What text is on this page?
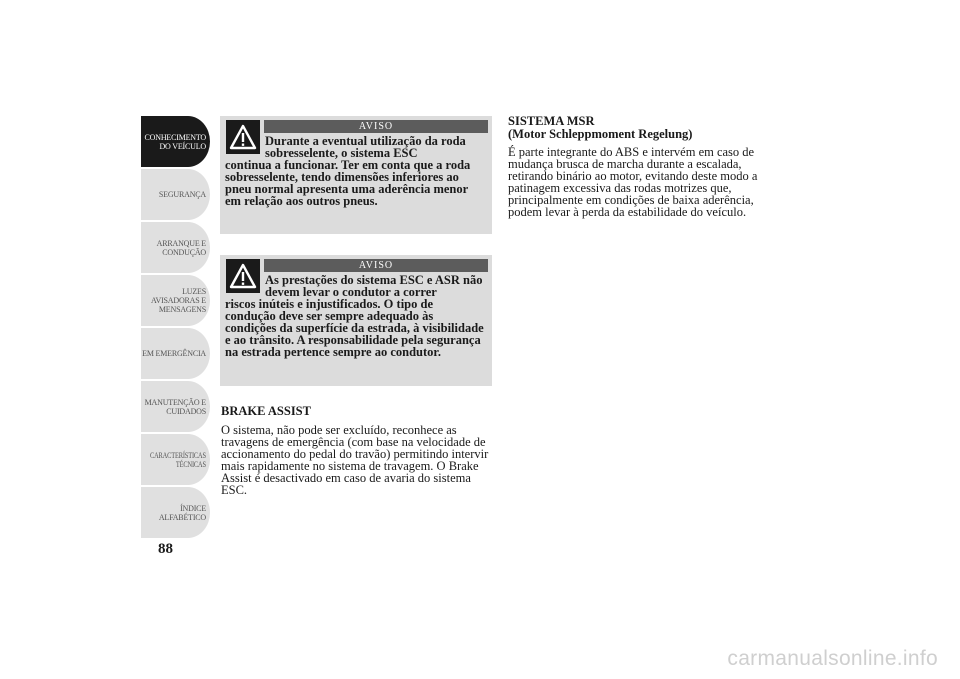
CONHECIMENTO
DO VEÍCULO
SEGURANÇA
ARRANQUE E
CONDUÇÃO
LUZES
AVISADORAS E
MENSAGENS
EM EMERGÊNCIA
MANUTENÇÃO E
CUIDADOS
CARACTERÍSTICAS
TÉCNICAS
ÍNDICE
ALFABÉTICO
88
AVISO
Durante a eventual utilização da roda sobresselente, o sistema ESC
continua a funcionar. Ter em conta que a roda sobresselente, tendo dimensões inferiores ao pneu normal apresenta uma aderência menor em relação aos outros pneus.
AVISO
As prestações do sistema ESC e ASR não devem levar o condutor a correr
riscos inúteis e injustificados. O tipo de condução deve ser sempre adequado às condições da superfície da estrada, à visibilidade e ao trânsito. A responsabilidade pela segurança na estrada pertence sempre ao condutor.
BRAKE ASSIST
O sistema, não pode ser excluído, reconhece as travagens de emergência (com base na velocidade de accionamento do pedal do travão) permitindo intervir mais rapidamente no sistema de travagem. O Brake Assist é desactivado em caso de avaria do sistema ESC.
SISTEMA MSR
(Motor Schleppmoment Regelung)
É parte integrante do ABS e intervém em caso de mudança brusca de marcha durante a escalada, retirando binário ao motor, evitando deste modo a patinagem excessiva das rodas motrizes que, principalmente em condições de baixa aderência, podem levar à perda da estabilidade do veículo.
carmanualsonline.info
